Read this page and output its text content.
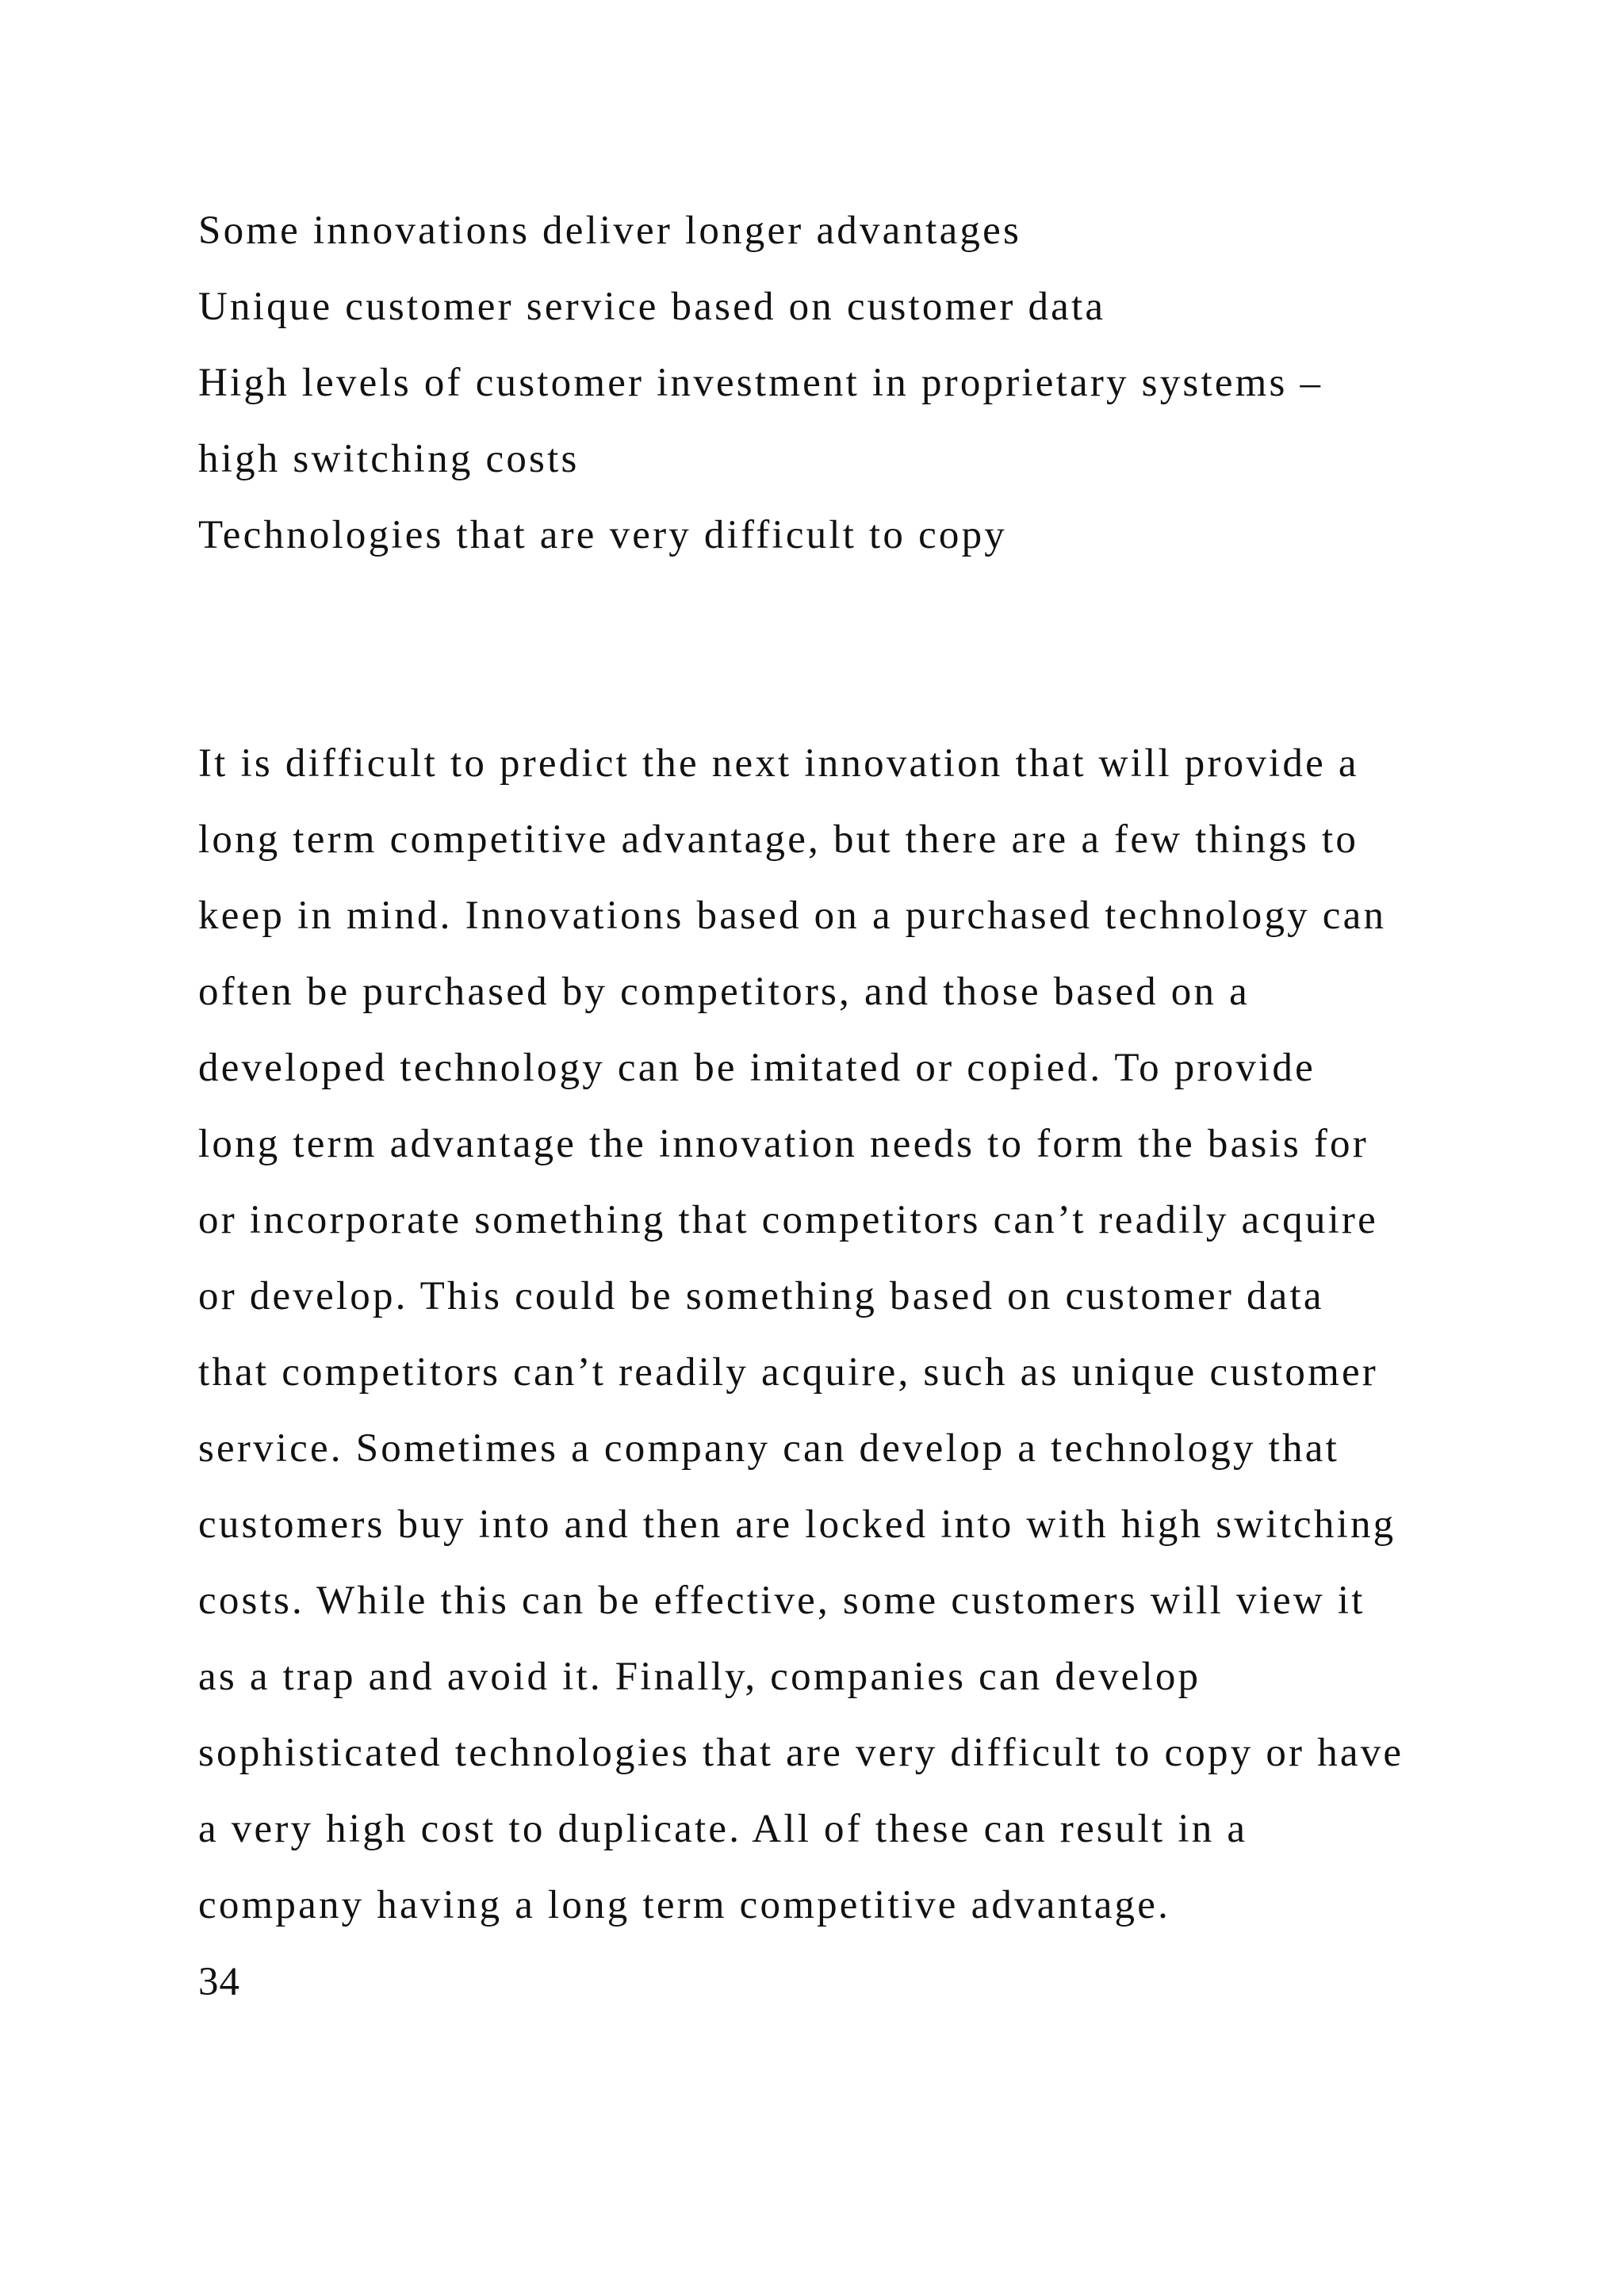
Some innovations deliver longer advantages
Unique customer service based on customer data
High levels of customer investment in proprietary systems –
high switching costs
Technologies that are very difficult to copy
It is difficult to predict the next innovation that will provide a
long term competitive advantage, but there are a few things to
keep in mind. Innovations based on a purchased technology can
often be purchased by competitors, and those based on a
developed technology can be imitated or copied. To provide
long term advantage the innovation needs to form the basis for
or incorporate something that competitors can’t readily acquire
or develop. This could be something based on customer data
that competitors can’t readily acquire, such as unique customer
service. Sometimes a company can develop a technology that
customers buy into and then are locked into with high switching
costs. While this can be effective, some customers will view it
as a trap and avoid it. Finally, companies can develop
sophisticated technologies that are very difficult to copy or have
a very high cost to duplicate. All of these can result in a
company having a long term competitive advantage.
34
